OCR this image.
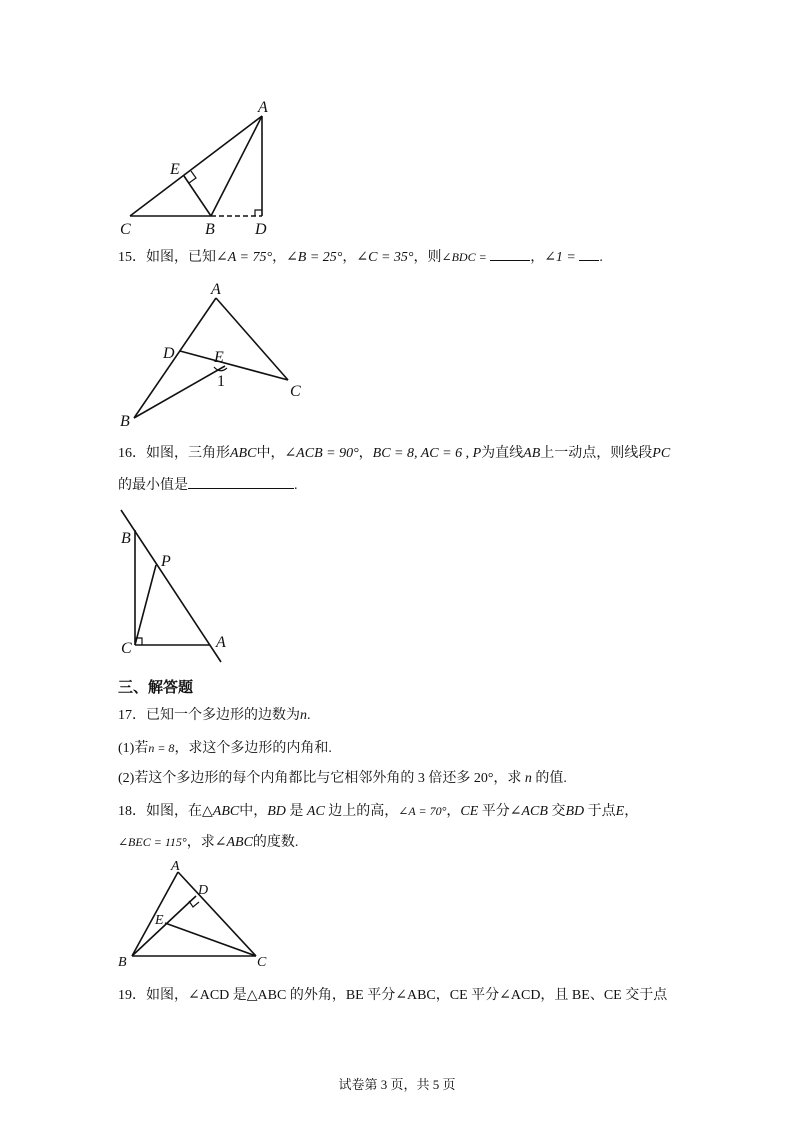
A
E
C	B	D
15．如图，已知∠A = 75°，∠B = 25°，∠C = 35°，则∠BDC =	，∠1 = .
A
D E
1
C
B
16．如图，三角形ABC中，∠ACB = 90°，BC = 8, AC = 6 , P为直线AB上一动点，则线段PC
的最小值是	.
B
P
C	A
三、解答题
17．已知一个多边形的边数为n.
(1)若n = 8，求这个多边形的内角和.
(2)若这个多边形的每个内角都比与它相邻外角的 3 倍还多 20°，求 n 的值.
18．如图，在△ABC中，BD 是 AC 边上的高，∠A = 70°，CE 平分∠ACB 交BD 于点E，
∠BEC = 115°，求∠ABC的度数.
A
D
E
B	C
19．如图，∠ACD 是△ABC 的外角，BE 平分∠ABC，CE 平分∠ACD，且 BE、CE 交于点
试卷第 3 页，共 5 页
